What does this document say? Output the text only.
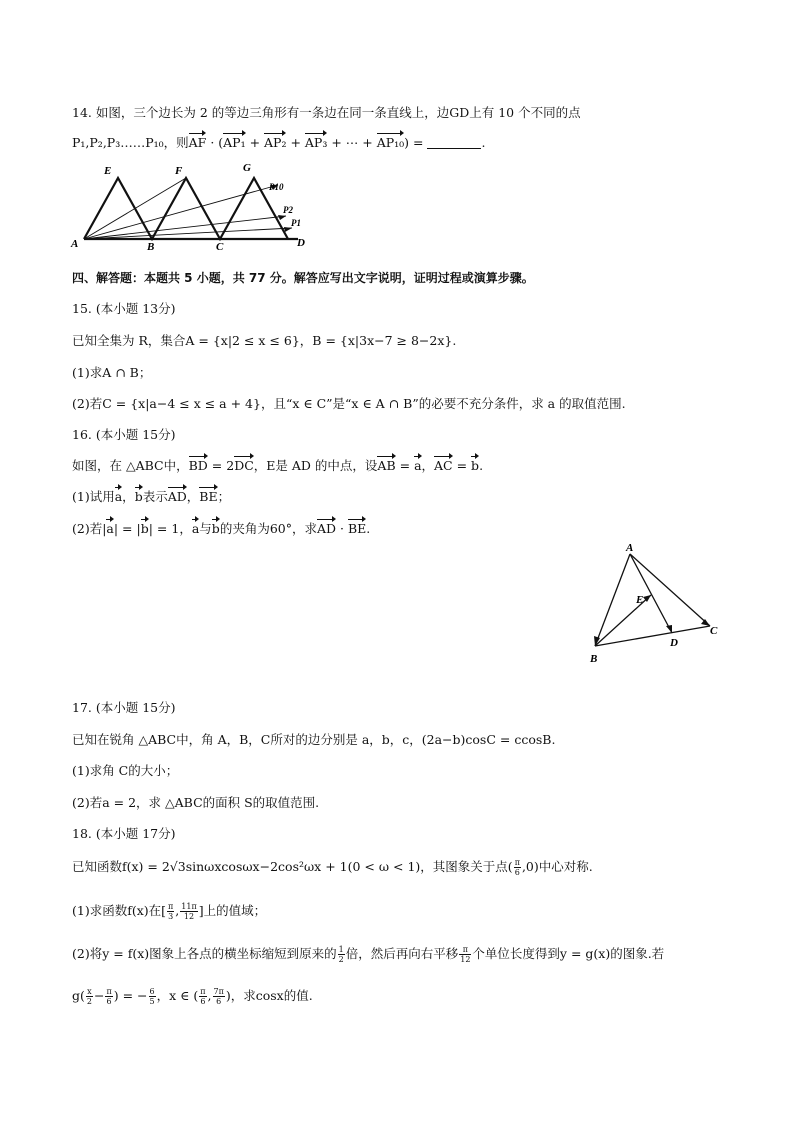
14. 如图，三个边长为 2 的等边三角形有一条边在同一条直线上，边GD上有 10 个不同的点
P₁,P₂,P₃……P₁₀，则AF · (AP₁ + AP₂ + AP₃ + ⋯ + AP₁₀) =	.
E	F	G
P10
P2
P1
A	B	C	D
四、解答题：本题共 5 小题，共 77 分。解答应写出文字说明，证明过程或演算步骤。
15. (本小题 13分)
已知全集为 R，集合A = {x|2 ≤ x ≤ 6}，B = {x|3x−7 ≥ 8−2x}.
(1)求A ∩ B；
(2)若C = {x|a−4 ≤ x ≤ a + 4}，且“x ∈ C”是“x ∈ A ∩ B”的必要不充分条件，求 a 的取值范围.
16. (本小题 15分)
如图，在 △ABC中，BD = 2DC，E是 AD 的中点，设AB = a，AC = b.
(1)试用a，b表示AD，BE；
(2)若|a| = |b| = 1，a与b的夹角为60°，求AD · BE.
A
E
C
D
B
17. (本小题 15分)
已知在锐角 △ABC中，角 A，B，C所对的边分别是 a，b，c，(2a−b)cosC = ccosB.
(1)求角 C的大小；
(2)若a = 2，求 △ABC的面积 S的取值范围.
18. (本小题 17分)
已知函数f(x) = 2√3sinωxcosωx−2cos²ωx + 1(0 < ω < 1)，其图象关于点( $\frac{\pi}{6} ,0$)中心对称.
(1)求函数f(x)在[ $\frac{\pi}{3}$ , $\frac{11\pi}{12}$ ]上的值域；
(2)将y = f(x)图象上各点的横坐标缩短到原来的 $\frac{1}{2}$ 倍，然后再向右平移 $\frac{\pi}{12}$ 个单位长度得到y = g(x)的图象.若
$g( \frac{x}{2} - \frac{\pi}{6}$ ) = − $\frac{6}{5}$ ，x ∈ ( $\frac{\pi}{6}$ , $\frac{7\pi}{6}$ )，求cosx的值.
